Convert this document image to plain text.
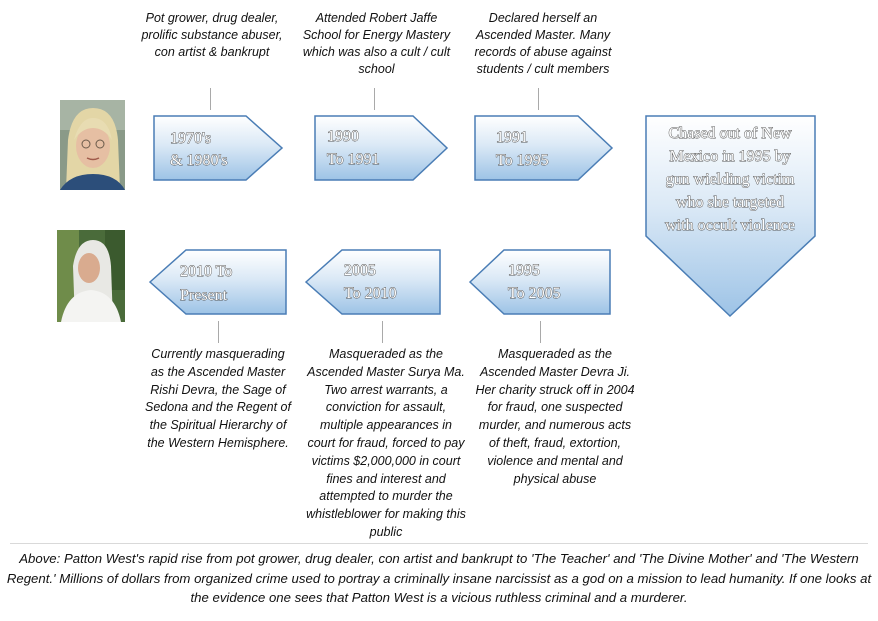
Pot grower, drug dealer, prolific substance abuser, con artist & bankrupt
Attended Robert Jaffe School for Energy Mastery which was also a cult / cult school
Declared herself an Ascended Master. Many records of abuse against students / cult members
1970's
& 1980's
1990
To 1991
1991
To 1995
Chased out of New
Mexico in 1995 by
gun wielding victim
who she targeted
with occult violence
2010 To
Present
2005
To 2010
1995
To 2005
Currently masquerading as the Ascended Master Rishi Devra, the Sage of Sedona and the Regent of the Spiritual Hierarchy of the Western Hemisphere.
Masqueraded as the Ascended Master Surya Ma. Two arrest warrants, a conviction for assault, multiple appearances in court for fraud, forced to pay victims $2,000,000 in court fines and interest and attempted to murder the whistleblower for making this public
Masqueraded as the Ascended Master Devra Ji. Her charity struck off in 2004 for fraud, one suspected murder, and numerous acts of theft, fraud, extortion, violence and mental and physical abuse
Above: Patton West's rapid rise from pot grower, drug dealer, con artist and bankrupt to 'The Teacher' and 'The Divine Mother' and 'The Western Regent.' Millions of dollars from organized crime used to portray a criminally insane narcissist as a god on a mission to lead humanity. If one looks at the evidence one sees that Patton West is a vicious ruthless criminal and a murderer.
